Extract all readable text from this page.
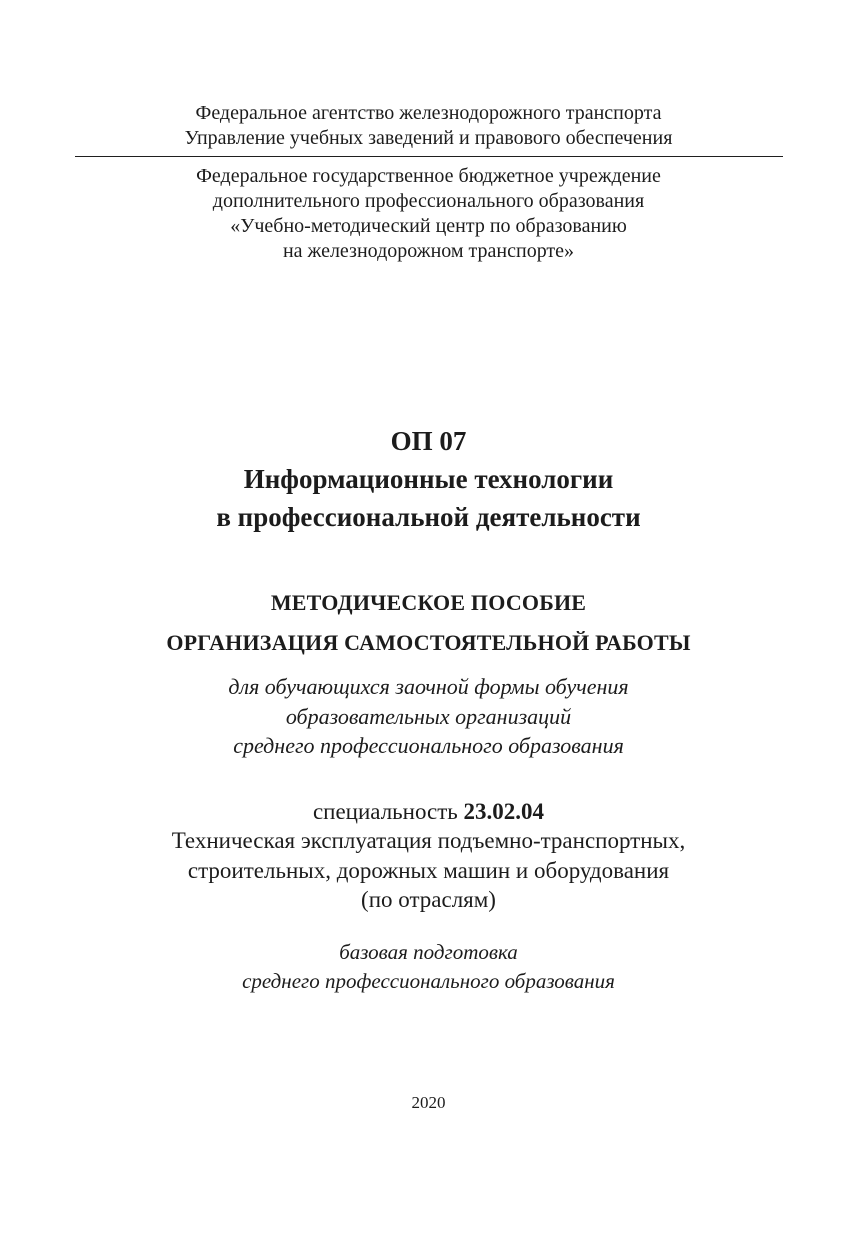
Федеральное агентство железнодорожного транспорта
Управление учебных заведений и правового обеспечения
Федеральное государственное бюджетное учреждение
дополнительного профессионального образования
«Учебно-методический центр по образованию
на железнодорожном транспорте»
ОП 07
Информационные технологии
в профессиональной деятельности
МЕТОДИЧЕСКОЕ ПОСОБИЕ
ОРГАНИЗАЦИЯ САМОСТОЯТЕЛЬНОЙ РАБОТЫ
для обучающихся заочной формы обучения
образовательных организаций
среднего профессионального образования
специальность 23.02.04
Техническая эксплуатация подъемно-транспортных,
строительных, дорожных машин и оборудования
(по отраслям)
базовая подготовка
среднего профессионального образования
2020
